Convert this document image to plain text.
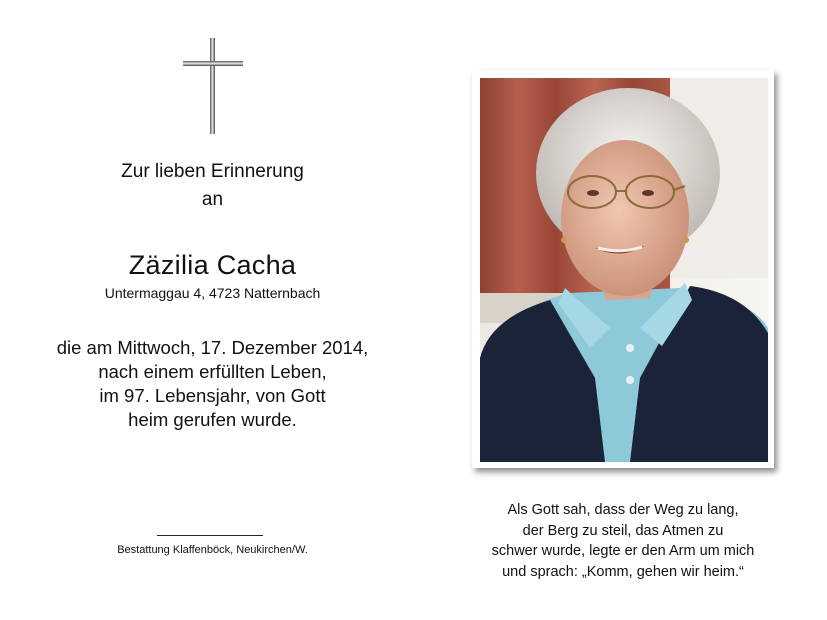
Zur lieben Erinnerung
an
Zäzilia Cacha
Untermaggau 4, 4723 Natternbach
die am Mittwoch, 17. Dezember 2014,
nach einem erfüllten Leben,
im 97. Lebensjahr, von Gott
heim gerufen wurde.
Bestattung Klaffenböck, Neukirchen/W.
Als Gott sah, dass der Weg zu lang,
der Berg zu steil, das Atmen zu
schwer wurde, legte er den Arm um mich
und sprach: „Komm, gehen wir heim.“
